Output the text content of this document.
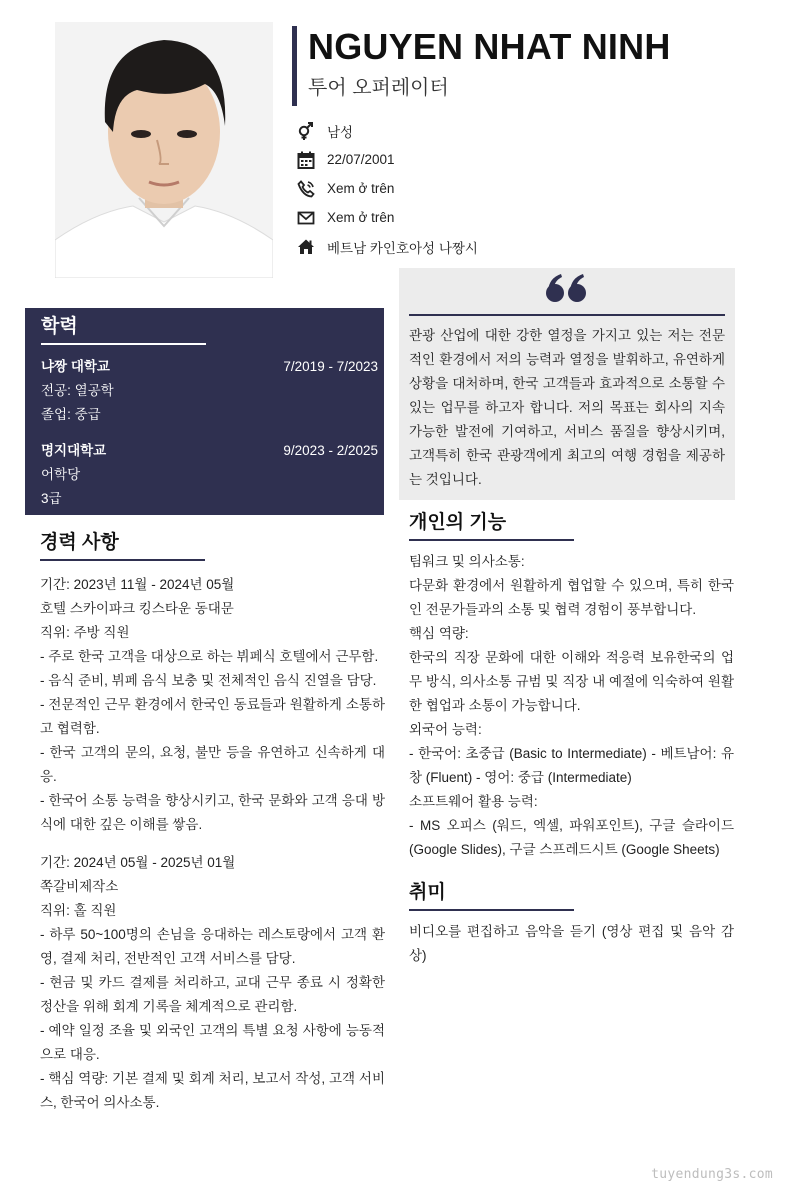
NGUYEN NHAT NINH
투어 오퍼레이터
남성
22/07/2001
Xem ở trên
Xem ở trên
베트남 카인호아성 나짱시
관광 산업에 대한 강한 열정을 가지고 있는 저는 전문적인 환경에서 저의 능력과 열정을 발휘하고, 유연하게 상황을 대처하며, 한국 고객들과 효과적으로 소통할 수 있는 업무를 하고자 합니다. 저의 목표는 회사의 지속 가능한 발전에 기여하고, 서비스 품질을 향상시키며, 고객특히 한국 관광객에게 최고의 여행 경험을 제공하는 것입니다.
학력
냐짱 대학교	7/2019 - 7/2023
전공: 열공학
졸업: 중급
명지대학교	9/2023 - 2/2025
어학당
3급
경력 사항
기간: 2023년 11월 - 2024년 05월
호텔 스카이파크 킹스타운 동대문
직위: 주방 직원
- 주로 한국 고객을 대상으로 하는 뷔페식 호텔에서 근무함.
- 음식 준비, 뷔페 음식 보충 및 전체적인 음식 진열을 담당.
- 전문적인 근무 환경에서 한국인 동료들과 원활하게 소통하고 협력함.
- 한국 고객의 문의, 요청, 불만 등을 유연하고 신속하게 대응.
- 한국어 소통 능력을 향상시키고, 한국 문화와 고객 응대 방식에 대한 깊은 이해를 쌓음.
기간: 2024년 05월 - 2025년 01월
쪽갈비제작소
직위: 홀 직원
- 하루 50~100명의 손님을 응대하는 레스토랑에서 고객 환영, 결제 처리, 전반적인 고객 서비스를 담당.
- 현금 및 카드 결제를 처리하고, 교대 근무 종료 시 정확한 정산을 위해 회계 기록을 체계적으로 관리함.
- 예약 일정 조율 및 외국인 고객의 특별 요청 사항에 능동적으로 대응.
- 핵심 역량: 기본 결제 및 회계 처리, 보고서 작성, 고객 서비스, 한국어 의사소통.
개인의 기능
팀워크 및 의사소통:
다문화 환경에서 원활하게 협업할 수 있으며, 특히 한국인 전문가들과의 소통 및 협력 경험이 풍부합니다.
핵심 역량:
한국의 직장 문화에 대한 이해와 적응력 보유한국의 업무 방식, 의사소통 규범 및 직장 내 예절에 익숙하여 원활한 협업과 소통이 가능합니다.
외국어 능력:
- 한국어: 초중급 (Basic to Intermediate) - 베트남어: 유창 (Fluent) - 영어: 중급 (Intermediate)
소프트웨어 활용 능력:
- MS 오피스 (워드, 엑셀, 파워포인트), 구글 슬라이드 (Google Slides), 구글 스프레드시트 (Google Sheets)
취미
비디오를 편집하고 음악을 듣기 (영상 편집 및 음악 감상)
tuyendung3s.com
